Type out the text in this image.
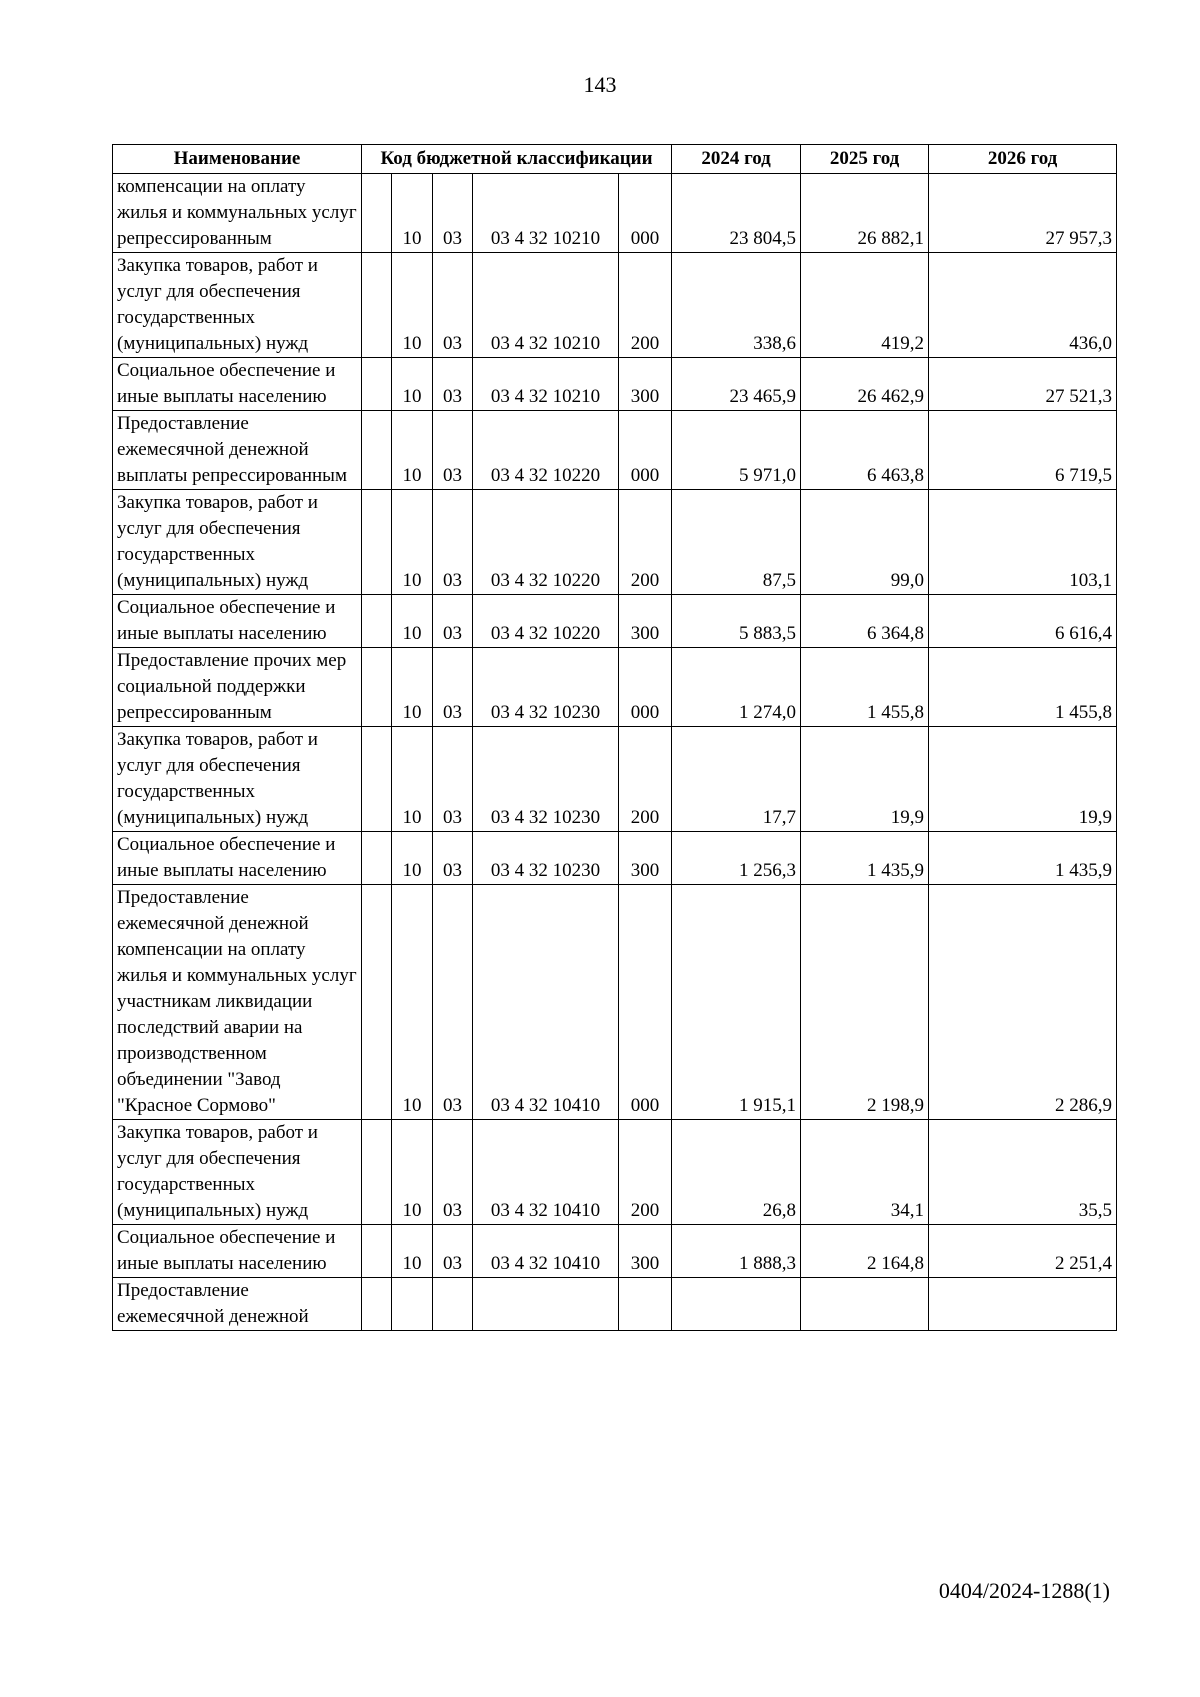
143
Наименование	Код бюджетной классификации					2024 год	2025 год	2026 год
компенсации на оплату жилья и коммунальных услуг репрессированным		10	03	03 4 32 10210	000	23 804,5	26 882,1	27 957,3
Закупка товаров, работ и услуг для обеспечения государственных (муниципальных) нужд		10	03	03 4 32 10210	200	338,6	419,2	436,0
Социальное обеспечение и иные выплаты населению		10	03	03 4 32 10210	300	23 465,9	26 462,9	27 521,3
Предоставление ежемесячной денежной выплаты репрессированным		10	03	03 4 32 10220	000	5 971,0	6 463,8	6 719,5
Закупка товаров, работ и услуг для обеспечения государственных (муниципальных) нужд		10	03	03 4 32 10220	200	87,5	99,0	103,1
Социальное обеспечение и иные выплаты населению		10	03	03 4 32 10220	300	5 883,5	6 364,8	6 616,4
Предоставление прочих мер социальной поддержки репрессированным		10	03	03 4 32 10230	000	1 274,0	1 455,8	1 455,8
Закупка товаров, работ и услуг для обеспечения государственных (муниципальных) нужд		10	03	03 4 32 10230	200	17,7	19,9	19,9
Социальное обеспечение и иные выплаты населению		10	03	03 4 32 10230	300	1 256,3	1 435,9	1 435,9
Предоставление ежемесячной денежной компенсации на оплату жилья и коммунальных услуг участникам ликвидации последствий аварии на производственном объединении "Завод "Красное Сормово"		10	03	03 4 32 10410	000	1 915,1	2 198,9	2 286,9
Закупка товаров, работ и услуг для обеспечения государственных (муниципальных) нужд		10	03	03 4 32 10410	200	26,8	34,1	35,5
Социальное обеспечение и иные выплаты населению		10	03	03 4 32 10410	300	1 888,3	2 164,8	2 251,4
Предоставление ежемесячной денежной								
0404/2024-1288(1)
